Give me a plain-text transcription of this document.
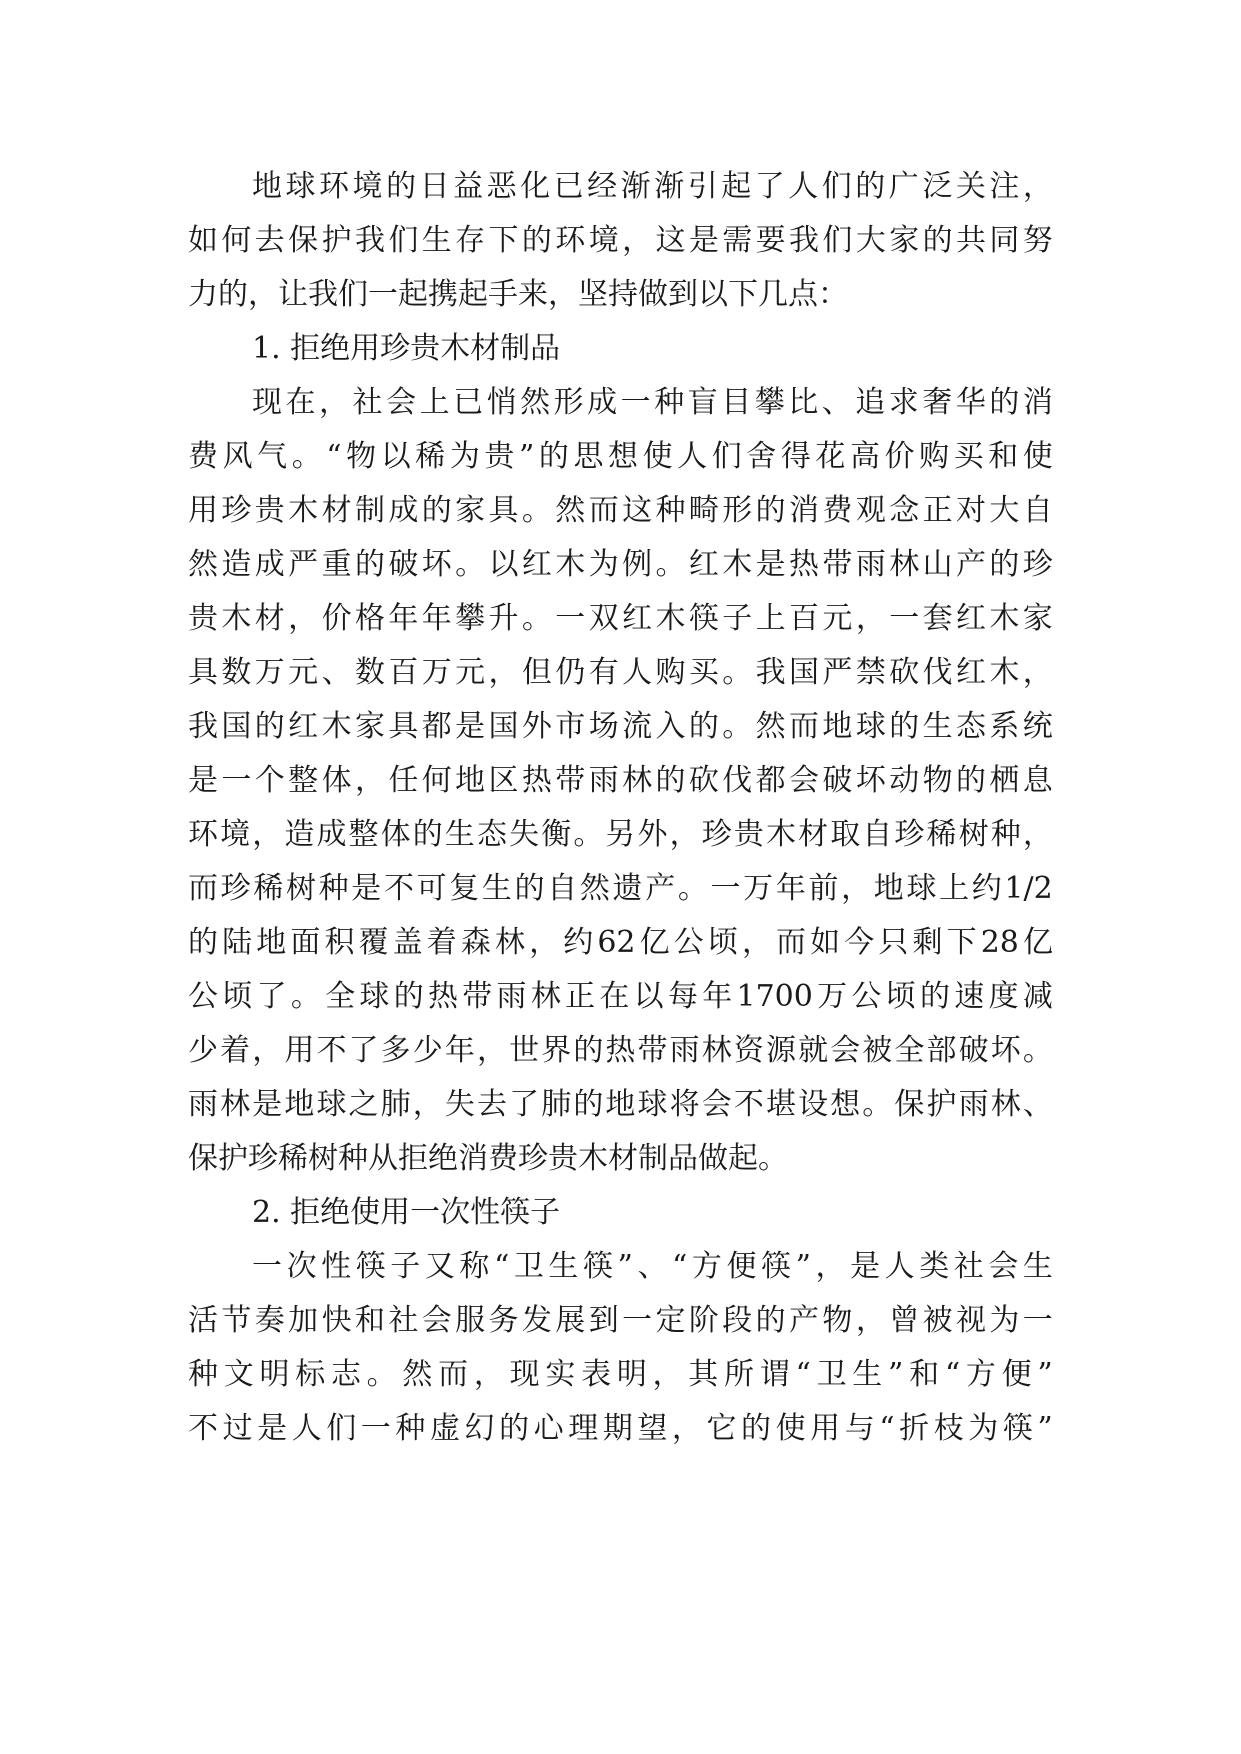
地 球 环 境 的 日 益 恶 化 已 经 渐 渐 引 起 了 人 们 的 广 泛 关 注 ，
如 何 去 保 护 我 们 生 存 下 的 环 境 ， 这 是 需 要 我 们 大 家 的 共 同 努
力的，让我们一起携起手来，坚持做到以下几点：
1. 拒绝用珍贵木材制品
现 在 ， 社 会 上 已 悄 然 形 成 一 种 盲 目 攀 比 、 追 求 奢 华 的 消
费 风 气 。 “ 物 以 稀 为 贵 ” 的 思 想 使 人 们 舍 得 花 高 价 购 买 和 使
用 珍 贵 木 材 制 成 的 家 具 。 然 而 这 种 畸 形 的 消 费 观 念 正 对 大 自
然 造 成 严 重 的 破 坏 。 以 红 木 为 例 。 红 木 是 热 带 雨 林 山 产 的 珍
贵 木 材 ， 价 格 年 年 攀 升 。 一 双 红 木 筷 子 上 百 元 ， 一 套 红 木 家
具 数 万 元 、 数 百 万 元 ， 但 仍 有 人 购 买 。 我 国 严 禁 砍 伐 红 木 ，
我 国 的 红 木 家 具 都 是 国 外 市 场 流 入 的 。 然 而 地 球 的 生 态 系 统
是 一 个 整 体 ， 任 何 地 区 热 带 雨 林 的 砍 伐 都 会 破 坏 动 物 的 栖 息
环 境 ， 造 成 整 体 的 生 态 失 衡 。 另 外 ， 珍 贵 木 材 取 自 珍 稀 树 种 ，
而 珍 稀 树 种 是 不 可 复 生 的 自 然 遗 产 。 一 万 年 前 ， 地 球 上 约 1/2
的 陆 地 面 积 覆 盖 着 森 林 ， 约 62 亿 公 顷 ， 而 如 今 只 剩 下 28 亿
公 顷 了 。 全 球 的 热 带 雨 林 正 在 以 每 年 1700 万 公 顷 的 速 度 减
少 着 ， 用 不 了 多 少 年 ， 世 界 的 热 带 雨 林 资 源 就 会 被 全 部 破 坏 。
雨 林 是 地 球 之 肺 ， 失 去 了 肺 的 地 球 将 会 不 堪 设 想 。 保 护 雨 林 、
保护珍稀树种从拒绝消费珍贵木材制品做起。
2. 拒绝使用一次性筷子
一 次 性 筷 子 又 称 “ 卫 生 筷 ” 、 “ 方 便 筷 ” ， 是 人 类 社 会 生
活 节 奏 加 快 和 社 会 服 务 发 展 到 一 定 阶 段 的 产 物 ， 曾 被 视 为 一
种 文 明 标 志 。 然 而 ， 现 实 表 明 ， 其 所 谓 “ 卫 生 ” 和 “ 方 便 ”
不 过 是 人 们 一 种 虚 幻 的 心 理 期 望 ， 它 的 使 用 与 “ 折 枝 为 筷 ”
